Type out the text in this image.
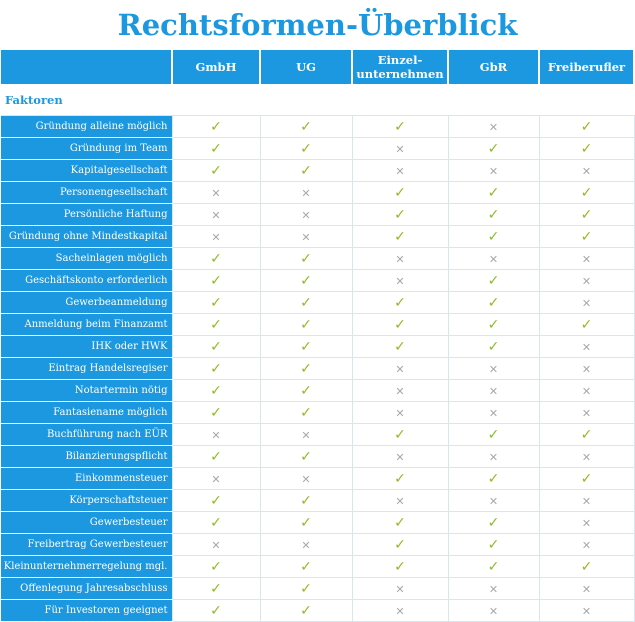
Rechtsformen-Überblick
	GmbH	UG	Einzel-
unternehmen	GbR	Freiberufler
Faktoren					
Gründung alleine möglich	✓	✓	✓	✕	✓
Gründung im Team	✓	✓	✕	✓	✓
Kapitalgesellschaft	✓	✓	✕	✕	✕
Personengesellschaft	✕	✕	✓	✓	✓
Persönliche Haftung	✕	✕	✓	✓	✓
Gründung ohne Mindestkapital	✕	✕	✓	✓	✓
Sacheinlagen möglich	✓	✓	✕	✕	✕
Geschäftskonto erforderlich	✓	✓	✕	✓	✕
Gewerbeanmeldung	✓	✓	✓	✓	✕
Anmeldung beim Finanzamt	✓	✓	✓	✓	✓
IHK oder HWK	✓	✓	✓	✓	✕
Eintrag Handelsregiser	✓	✓	✕	✕	✕
Notartermin nötig	✓	✓	✕	✕	✕
Fantasiename möglich	✓	✓	✕	✕	✕
Buchführung nach EÜR	✕	✕	✓	✓	✓
Bilanzierungspflicht	✓	✓	✕	✕	✕
Einkommensteuer	✕	✕	✓	✓	✓
Körperschaftsteuer	✓	✓	✕	✕	✕
Gewerbesteuer	✓	✓	✓	✓	✕
Freibertrag Gewerbesteuer	✕	✕	✓	✓	✕
Kleinunternehmerregelung mgl.	✓	✓	✓	✓	✓
Offenlegung Jahresabschluss	✓	✓	✕	✕	✕
Für Investoren geeignet	✓	✓	✕	✕	✕
